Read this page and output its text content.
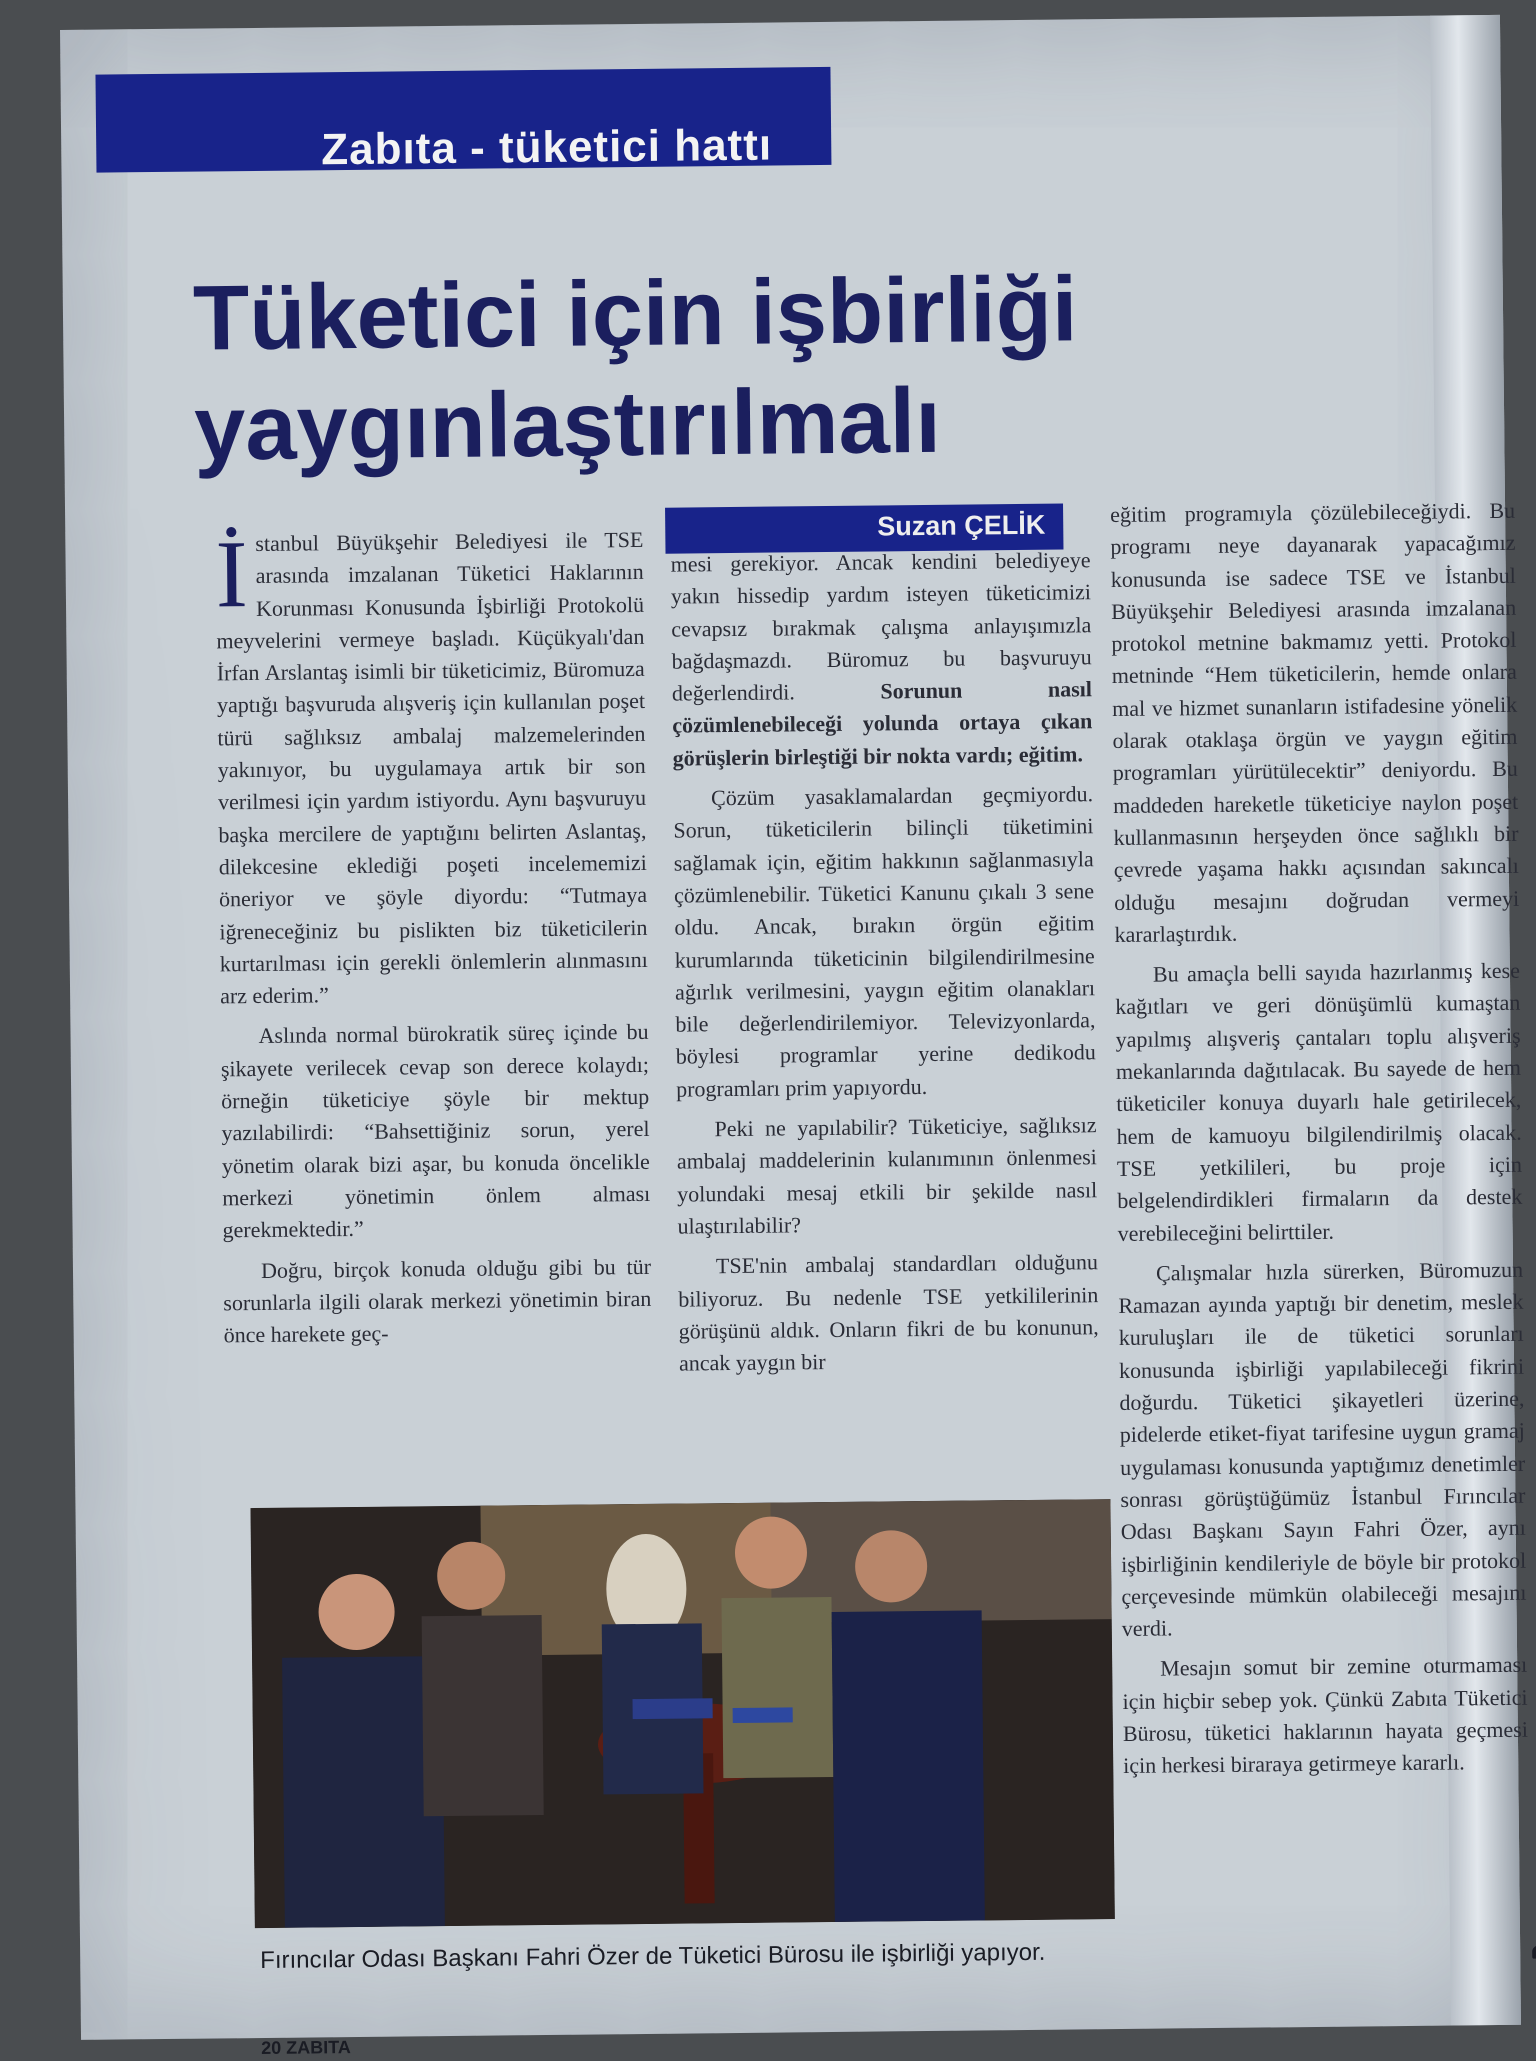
Zabıta - tüketici hattı
Tüketici için işbirliği yaygınlaştırılmalı

İstanbul Büyükşehir Belediyesi ile TSE arasında imzalanan Tüketici Haklarının Korunması Konusunda İşbirliği Protokolü meyvelerini vermeye başladı. Küçükyalı'dan İrfan Arslantaş isimli bir tüketicimiz, Büromuza yaptığı başvuruda alışveriş için kullanılan poşet türü sağlıksız ambalaj malzemelerinden yakınıyor, bu uygulamaya artık bir son verilmesi için yardım istiyordu. Aynı başvuruyu başka mercilere de yaptığını belirten Aslantaş, dilekcesine eklediği poşeti incelememizi öneriyor ve şöyle diyordu: “Tutmaya iğreneceğiniz bu pislikten biz tüketicilerin kurtarılması için gerekli önlemlerin alınmasını arz ederim.”

Aslında normal bürokratik süreç içinde bu şikayete verilecek cevap son derece kolaydı; örneğin tüketiciye şöyle bir mektup yazılabilirdi: “Bahsettiğiniz sorun, yerel yönetim olarak bizi aşar, bu konuda öncelikle merkezi yönetimin önlem alması gerekmektedir.”

Doğru, birçok konuda olduğu gibi bu tür sorunlarla ilgili olarak merkezi yönetimin biran önce harekete geç-

Suzan ÇELİK

mesi gerekiyor. Ancak kendini belediyeye yakın hissedip yardım isteyen tüketicimizi cevapsız bırakmak çalışma anlayışımızla bağdaşmazdı. Büromuz bu başvuruyu değerlendirdi.	Sorunun nasıl çözümlenebileceği yolunda ortaya çıkan görüşlerin birleştiği bir nokta vardı; eğitim.

Çözüm yasaklamalardan geçmiyordu. Sorun, tüketicilerin bilinçli tüketimini sağlamak için, eğitim hakkının sağlanmasıyla çözümlenebilir. Tüketici Kanunu çıkalı 3 sene oldu. Ancak, bırakın örgün eğitim kurumlarında tüketicinin bilgilendirilmesine ağırlık verilmesini, yaygın eğitim olanakları bile değerlendirilemiyor. Televizyonlarda, böylesi programlar yerine dedikodu programları prim yapıyordu.

Peki ne yapılabilir? Tüketiciye, sağlıksız ambalaj maddelerinin kulanımının önlenmesi yolundaki mesaj etkili bir şekilde nasıl ulaştırılabilir?

TSE'nin ambalaj standardları olduğunu biliyoruz. Bu nedenle TSE yetkililerinin görüşünü aldık. Onların fikri de bu konunun, ancak yaygın bir

eğitim programıyla çözülebileceğiydi. Bu programı neye dayanarak yapacağımız konusunda ise sadece TSE ve İstanbul Büyükşehir Belediyesi arasında imzalanan protokol metnine bakmamız yetti. Protokol metninde “Hem tüketicilerin, hemde onlara mal ve hizmet sunanların istifadesine yönelik olarak otaklaşa örgün ve yaygın eğitim programları yürütülecektir” deniyordu. Bu maddeden hareketle tüketiciye naylon poşet kullanmasının herşeyden önce sağlıklı bir çevrede yaşama hakkı açısından sakıncalı olduğu mesajını doğrudan vermeyi kararlaştırdık.

Bu amaçla belli sayıda hazırlanmış kese kağıtları ve geri dönüşümlü kumaştan yapılmış alışveriş çantaları toplu alışveriş mekanlarında dağıtılacak. Bu sayede de hem tüketiciler konuya duyarlı hale getirilecek, hem de kamuoyu bilgilendirilmiş olacak. TSE yetkilileri, bu proje için belgelendirdikleri firmaların da destek verebileceğini belirttiler.

Çalışmalar hızla sürerken, Büromuzun Ramazan ayında yaptığı bir denetim, meslek kuruluşları ile de tüketici sorunları konusunda işbirliği yapılabileceği fikrini doğurdu. Tüketici şikayetleri üzerine, pidelerde etiket-fiyat tarifesine uygun gramaj uygulaması konusunda yaptığımız denetimler sonrası görüştüğümüz İstanbul Fırıncılar Odası Başkanı Sayın Fahri Özer, aynı işbirliğinin kendileriyle de böyle bir protokol çerçevesinde mümkün olabileceği mesajını verdi.

Mesajın somut bir zemine oturmaması için hiçbir sebep yok. Çünkü Zabıta Tüketici Bürosu, tüketici haklarının hayata geçmesi için herkesi biraraya getirmeye kararlı.

Fırıncılar Odası Başkanı Fahri Özer de Tüketici Bürosu ile işbirliği yapıyor.
20 ZABITA
